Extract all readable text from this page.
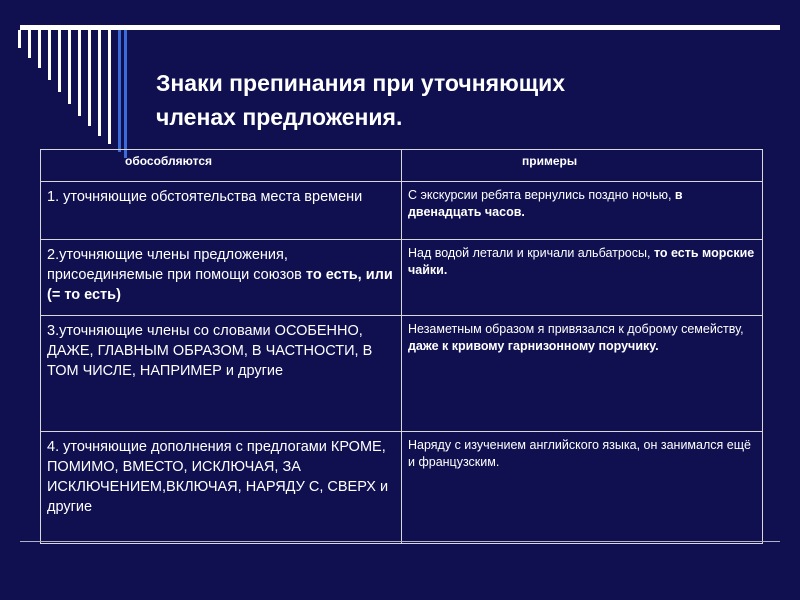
Знаки препинания при уточняющих
членах предложения.
обособляются	примеры
1. уточняющие обстоятельства места времени	С экскурсии ребята вернулись поздно ночью, в двенадцать часов.
2.уточняющие члены предложения, присоединяемые при помощи союзов то есть, или (= то есть)	Над водой летали и кричали альбатросы, то есть морские чайки.
3.уточняющие члены со словами ОСОБЕННО, ДАЖЕ, ГЛАВНЫМ ОБРАЗОМ, В ЧАСТНОСТИ, В ТОМ ЧИСЛЕ, НАПРИМЕР и другие	Незаметным образом я привязался к доброму семейству, даже к кривому гарнизонному поручику.
4. уточняющие дополнения с предлогами КРОМЕ, ПОМИМО, ВМЕСТО, ИСКЛЮЧАЯ, ЗА ИСКЛЮЧЕНИЕМ,ВКЛЮЧАЯ, НАРЯДУ С, СВЕРХ и другие	Наряду с изучением английского языка, он занимался ещё и французским.
